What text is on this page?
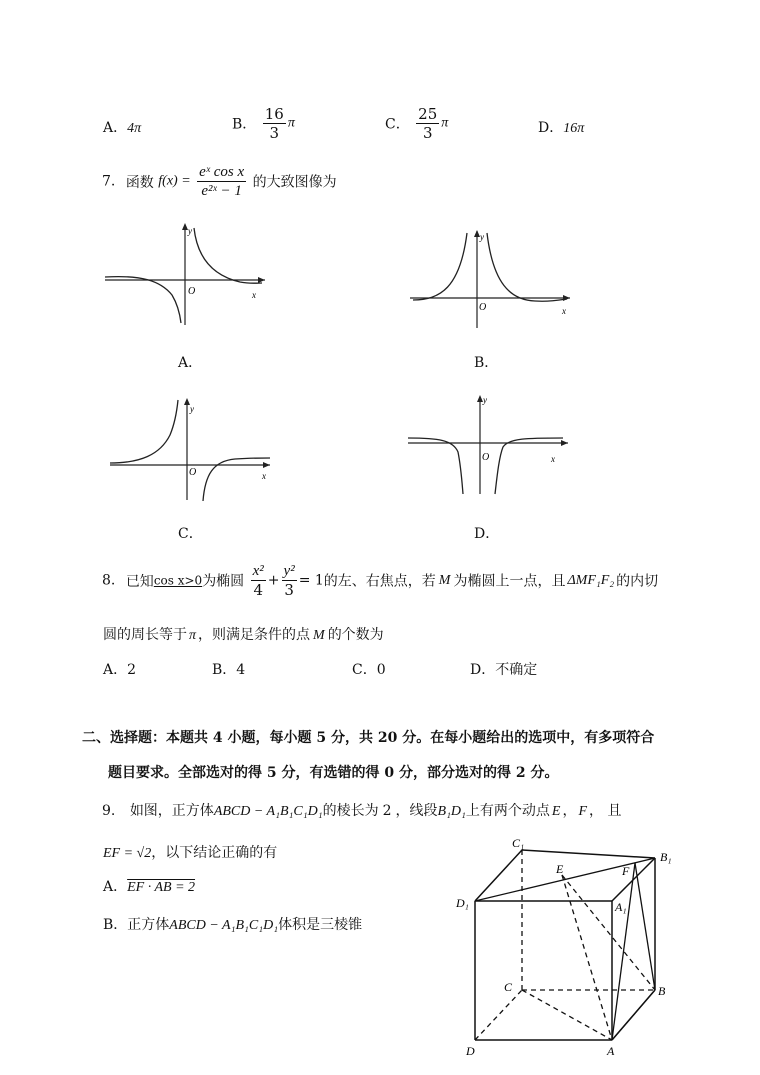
A．4π	B． $\frac{16}{3}$ π	C． $\frac{25}{3}$ π	D．16π
7. 函数 $f(x) = \frac{\text{eˣ cos x}}{\text{e²ˣ − 1}}$ 的大致图像为
y
O	x
A．
y
O	x
B．
y
O	x
C．
y
O	x
D．
8. 已知cos x>0为椭圆 $\frac{\text{x²}}{4} + \frac{\text{y²}}{3} = 1$的左、右焦点，若 M 为椭圆上一点，且 ΔMF₁F₂ 的内切
圆的周长等于 π ，则满足条件的点 M 的个数为
A．2	B．4	C．0	D．不确定
二、选择题：本题共 4 小题，每小题 5 分，共 20 分。在每小题给出的选项中，有多项符合
题目要求。全部选对的得 5 分，有选错的得 0 分，部分选对的得 2 分。
9. 如图，正方体ABCD − A₁B₁C₁D₁的棱长为 2 ，线段B₁D₁上有两个动点 E ， F ， 且
EF = √2，以下结论正确的有
A．EF · AB = 2
B．正方体ABCD − A₁B₁C₁D₁体积是三棱锥
C₁
B₁
D₁	A₁
E	F
C	B
D	A
